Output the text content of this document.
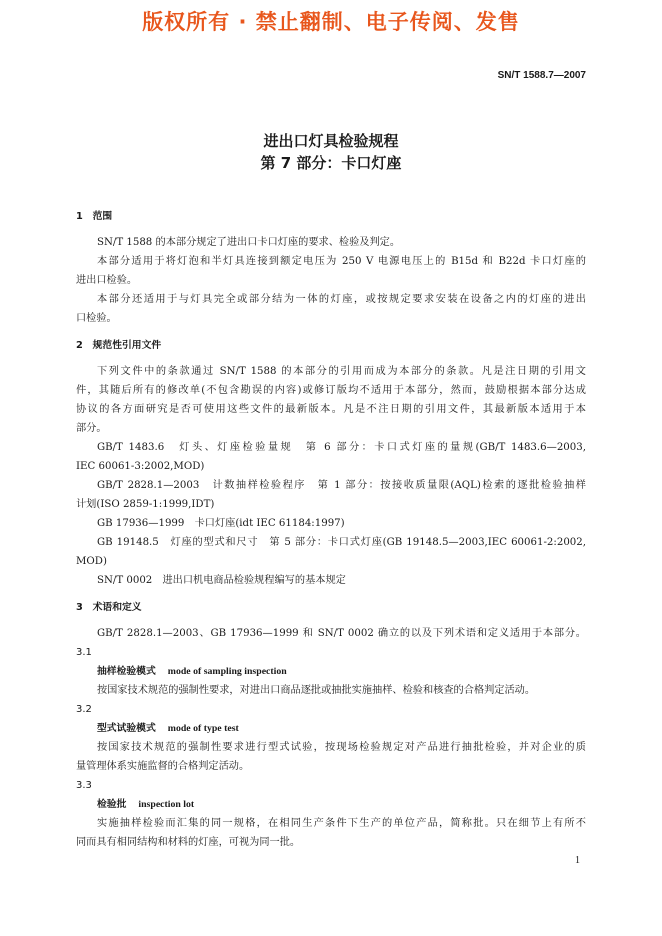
版权所有 · 禁止翻制、电子传阅、发售
SN/T 1588.7—2007
进出口灯具检验规程
第 7 部分：卡口灯座

1　范围

SN/T 1588 的本部分规定了进出口卡口灯座的要求、检验及判定。

本部分适用于将灯泡和半灯具连接到额定电压为 250 V 电源电压上的 B15d 和 B22d 卡口灯座的

进出口检验。

本部分还适用于与灯具完全或部分结为一体的灯座，或按规定要求安装在设备之内的灯座的进出

口检验。

2　规范性引用文件

下列文件中的条款通过 SN/T 1588 的本部分的引用而成为本部分的条款。凡是注日期的引用文

件，其随后所有的修改单(不包含勘误的内容)或修订版均不适用于本部分，然而，鼓励根据本部分达成

协议的各方面研究是否可使用这些文件的最新版本。凡是不注日期的引用文件，其最新版本适用于本

部分。

GB/T 1483.6　灯头、灯座检验量规　第 6 部分：卡口式灯座的量规(GB/T 1483.6—2003,

IEC 60061-3:2002,MOD)

GB/T 2828.1—2003　计数抽样检验程序　第 1 部分：按接收质量限(AQL)检索的逐批检验抽样

计划(ISO 2859-1:1999,IDT)

GB 17936—1999　卡口灯座(idt IEC 61184:1997)

GB 19148.5　灯座的型式和尺寸　第 5 部分：卡口式灯座(GB 19148.5—2003,IEC 60061-2:2002,

MOD)

SN/T 0002　进出口机电商品检验规程编写的基本规定

3　术语和定义

GB/T 2828.1—2003、GB 17936—1999 和 SN/T 0002 确立的以及下列术语和定义适用于本部分。

3.1

抽样检验模式 mode of sampling inspection

按国家技术规范的强制性要求，对进出口商品逐批或抽批实施抽样、检验和核查的合格判定活动。

3.2

型式试验模式 mode of type test

按国家技术规范的强制性要求进行型式试验，按现场检验规定对产品进行抽批检验，并对企业的质

量管理体系实施监督的合格判定活动。

3.3

检验批 inspection lot

实施抽样检验而汇集的同一规格，在相同生产条件下生产的单位产品，简称批。只在细节上有所不

同而具有相同结构和材料的灯座，可视为同一批。

1
